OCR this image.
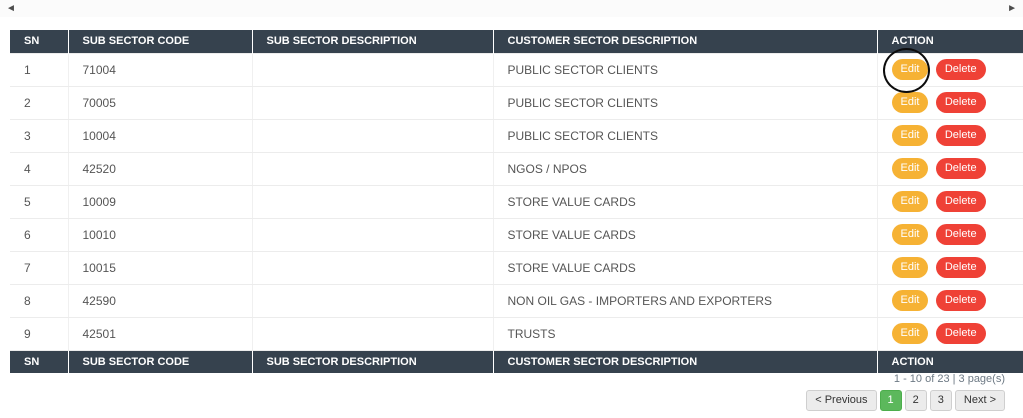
◄	►
SN	SUB SECTOR CODE	SUB SECTOR DESCRIPTION	CUSTOMER SECTOR DESCRIPTION	ACTION
1	71004		PUBLIC SECTOR CLIENTS	Edit Delete
2	70005		PUBLIC SECTOR CLIENTS	Edit Delete
3	10004		PUBLIC SECTOR CLIENTS	Edit Delete
4	42520		NGOS / NPOS	Edit Delete
5	10009		STORE VALUE CARDS	Edit Delete
6	10010		STORE VALUE CARDS	Edit Delete
7	10015		STORE VALUE CARDS	Edit Delete
8	42590		NON OIL GAS - IMPORTERS AND EXPORTERS	Edit Delete
9	42501		TRUSTS	Edit Delete
SN	SUB SECTOR CODE	SUB SECTOR DESCRIPTION	CUSTOMER SECTOR DESCRIPTION	ACTION
1 - 10 of 23 | 3 page(s)
< Previous	1	2	3	Next >
